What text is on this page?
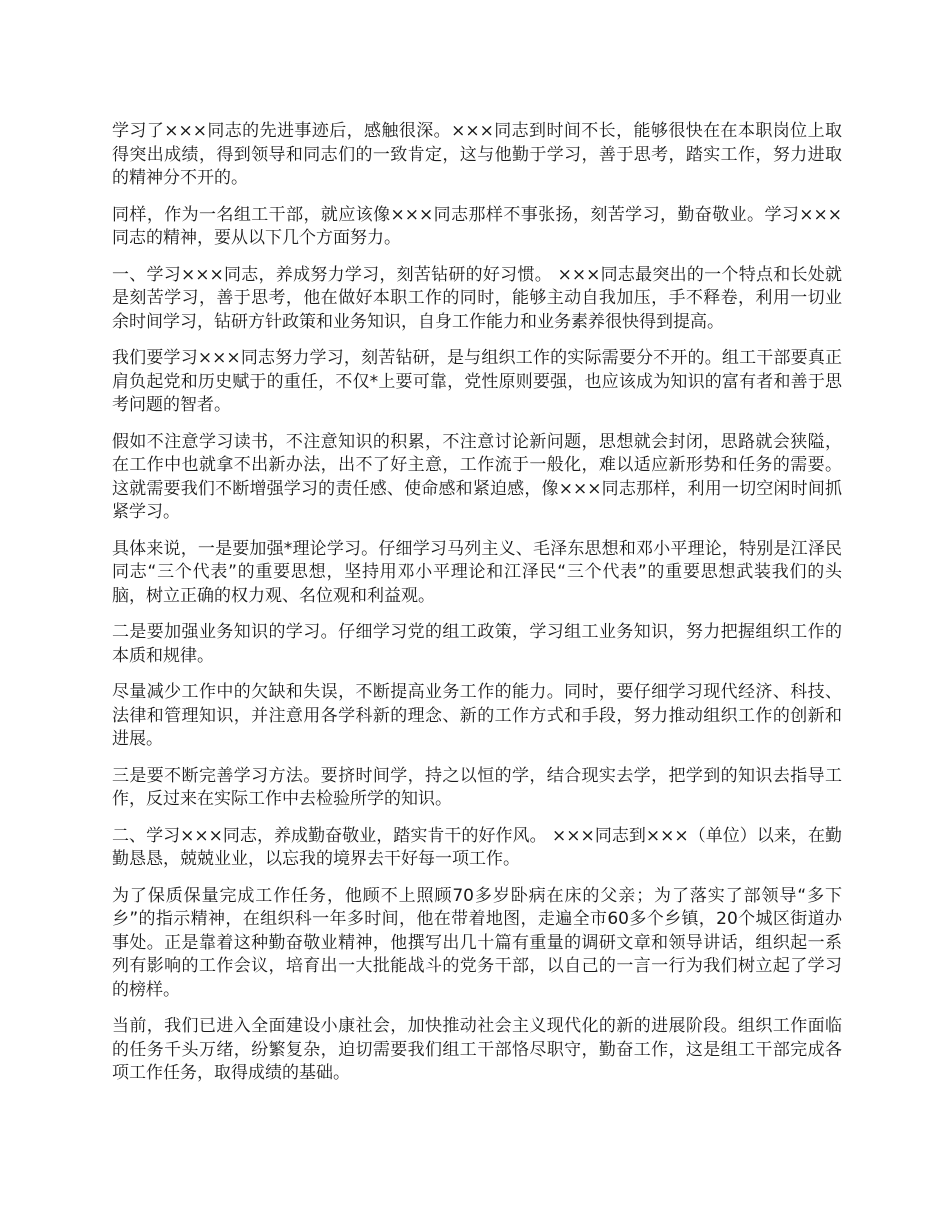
学习了×××同志的先进事迹后，感触很深。×××同志到时间不长，能够很快在在本职岗位上取得突出成绩，得到领导和同志们的一致肯定，这与他勤于学习，善于思考，踏实工作，努力进取的精神分不开的。

同样，作为一名组工干部，就应该像×××同志那样不事张扬，刻苦学习，勤奋敬业。学习×××同志的精神，要从以下几个方面努力。

一、学习×××同志，养成努力学习，刻苦钻研的好习惯。 ×××同志最突出的一个特点和长处就是刻苦学习，善于思考，他在做好本职工作的同时，能够主动自我加压，手不释卷，利用一切业余时间学习，钻研方针政策和业务知识，自身工作能力和业务素养很快得到提高。

我们要学习×××同志努力学习，刻苦钻研，是与组织工作的实际需要分不开的。组工干部要真正肩负起党和历史赋于的重任，不仅*上要可靠，党性原则要强，也应该成为知识的富有者和善于思考问题的智者。

假如不注意学习读书，不注意知识的积累，不注意讨论新问题，思想就会封闭，思路就会狭隘，在工作中也就拿不出新办法，出不了好主意，工作流于一般化，难以适应新形势和任务的需要。这就需要我们不断增强学习的责任感、使命感和紧迫感，像×××同志那样，利用一切空闲时间抓紧学习。

具体来说，一是要加强*理论学习。仔细学习马列主义、毛泽东思想和邓小平理论，特别是江泽民同志“三个代表”的重要思想，坚持用邓小平理论和江泽民“三个代表”的重要思想武装我们的头脑，树立正确的权力观、名位观和利益观。

二是要加强业务知识的学习。仔细学习党的组工政策，学习组工业务知识，努力把握组织工作的本质和规律。

尽量减少工作中的欠缺和失误，不断提高业务工作的能力。同时，要仔细学习现代经济、科技、法律和管理知识，并注意用各学科新的理念、新的工作方式和手段，努力推动组织工作的创新和进展。

三是要不断完善学习方法。要挤时间学，持之以恒的学，结合现实去学，把学到的知识去指导工作，反过来在实际工作中去检验所学的知识。

二、学习×××同志，养成勤奋敬业，踏实肯干的好作风。 ×××同志到×××（单位）以来，在勤勤恳恳，兢兢业业，以忘我的境界去干好每一项工作。

为了保质保量完成工作任务，他顾不上照顾70多岁卧病在床的父亲；为了落实了部领导“多下乡”的指示精神，在组织科一年多时间，他在带着地图，走遍全市60多个乡镇，20个城区街道办事处。正是靠着这种勤奋敬业精神，他撰写出几十篇有重量的调研文章和领导讲话，组织起一系列有影响的工作会议，培育出一大批能战斗的党务干部，以自己的一言一行为我们树立起了学习的榜样。

当前，我们已进入全面建设小康社会，加快推动社会主义现代化的新的进展阶段。组织工作面临的任务千头万绪，纷繁复杂，迫切需要我们组工干部恪尽职守，勤奋工作，这是组工干部完成各项工作任务，取得成绩的基础。
